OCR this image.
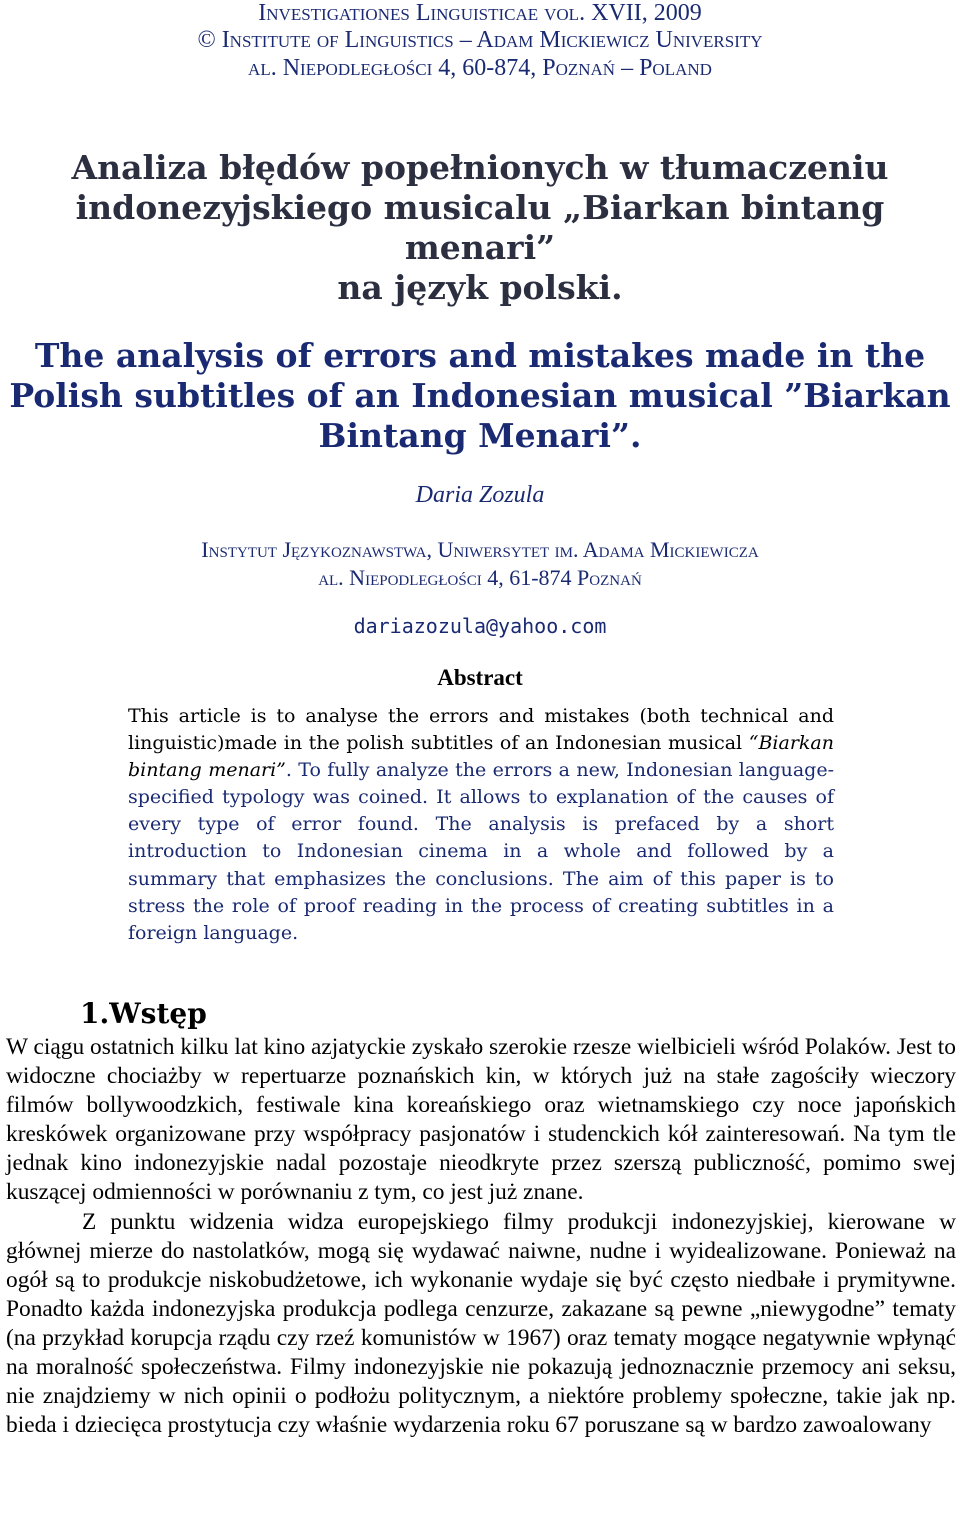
Investigationes Linguisticae vol. XVII, 2009
© Institute of Linguistics – Adam Mickiewicz University
al. Niepodległości 4, 60-874, Poznań – Poland
Analiza błędów popełnionych w tłumaczeniu
indonezyjskiego musicalu „Biarkan bintang menari”
na język polski.
The analysis of errors and mistakes made in the
Polish subtitles of an Indonesian musical ”Biarkan
Bintang Menari”.
Daria Zozula
Instytut Językoznawstwa, Uniwersytet im. Adama Mickiewicza
al. Niepodległości 4, 61-874 Poznań
dariazozula@yahoo.com
Abstract
This article is to analyse the errors and mistakes (both technical and linguistic)made in the polish subtitles of an Indonesian musical “Biarkan bintang menari”. To fully analyze the errors a new, Indonesian language-specified typology was coined. It allows to explanation of the causes of every type of error found. The analysis is prefaced by a short introduction to Indonesian cinema in a whole and followed by a summary that emphasizes the conclusions. The aim of this paper is to stress the role of proof reading in the process of creating subtitles in a foreign language.
1.Wstęp

W ciągu ostatnich kilku lat kino azjatyckie zyskało szerokie rzesze wielbicieli wśród Polaków. Jest to widoczne chociażby w repertuarze poznańskich kin, w których już na stałe zagościły wieczory filmów bollywoodzkich, festiwale kina koreańskiego oraz wietnamskiego czy noce japońskich kreskówek organizowane przy współpracy pasjonatów i studenckich kół zainteresowań. Na tym tle jednak kino indonezyjskie nadal pozostaje nieodkryte przez szerszą publiczność, pomimo swej kuszącej odmienności w porównaniu z tym, co jest już znane.

Z punktu widzenia widza europejskiego filmy produkcji indonezyjskiej, kierowane w głównej mierze do nastolatków, mogą się wydawać naiwne, nudne i wyidealizowane. Ponieważ na ogół są to produkcje niskobudżetowe, ich wykonanie wydaje się być często niedbałe i prymitywne. Ponadto każda indonezyjska produkcja podlega cenzurze, zakazane są pewne „niewygodne” tematy (na przykład korupcja rządu czy rzeź komunistów w 1967) oraz tematy mogące negatywnie wpłynąć na moralność społeczeństwa. Filmy indonezyjskie nie pokazują jednoznacznie przemocy ani seksu, nie znajdziemy w nich opinii o podłożu politycznym, a niektóre problemy społeczne, takie jak np. bieda i dziecięca prostytucja czy właśnie wydarzenia roku 67 poruszane są w bardzo zawoalowany
